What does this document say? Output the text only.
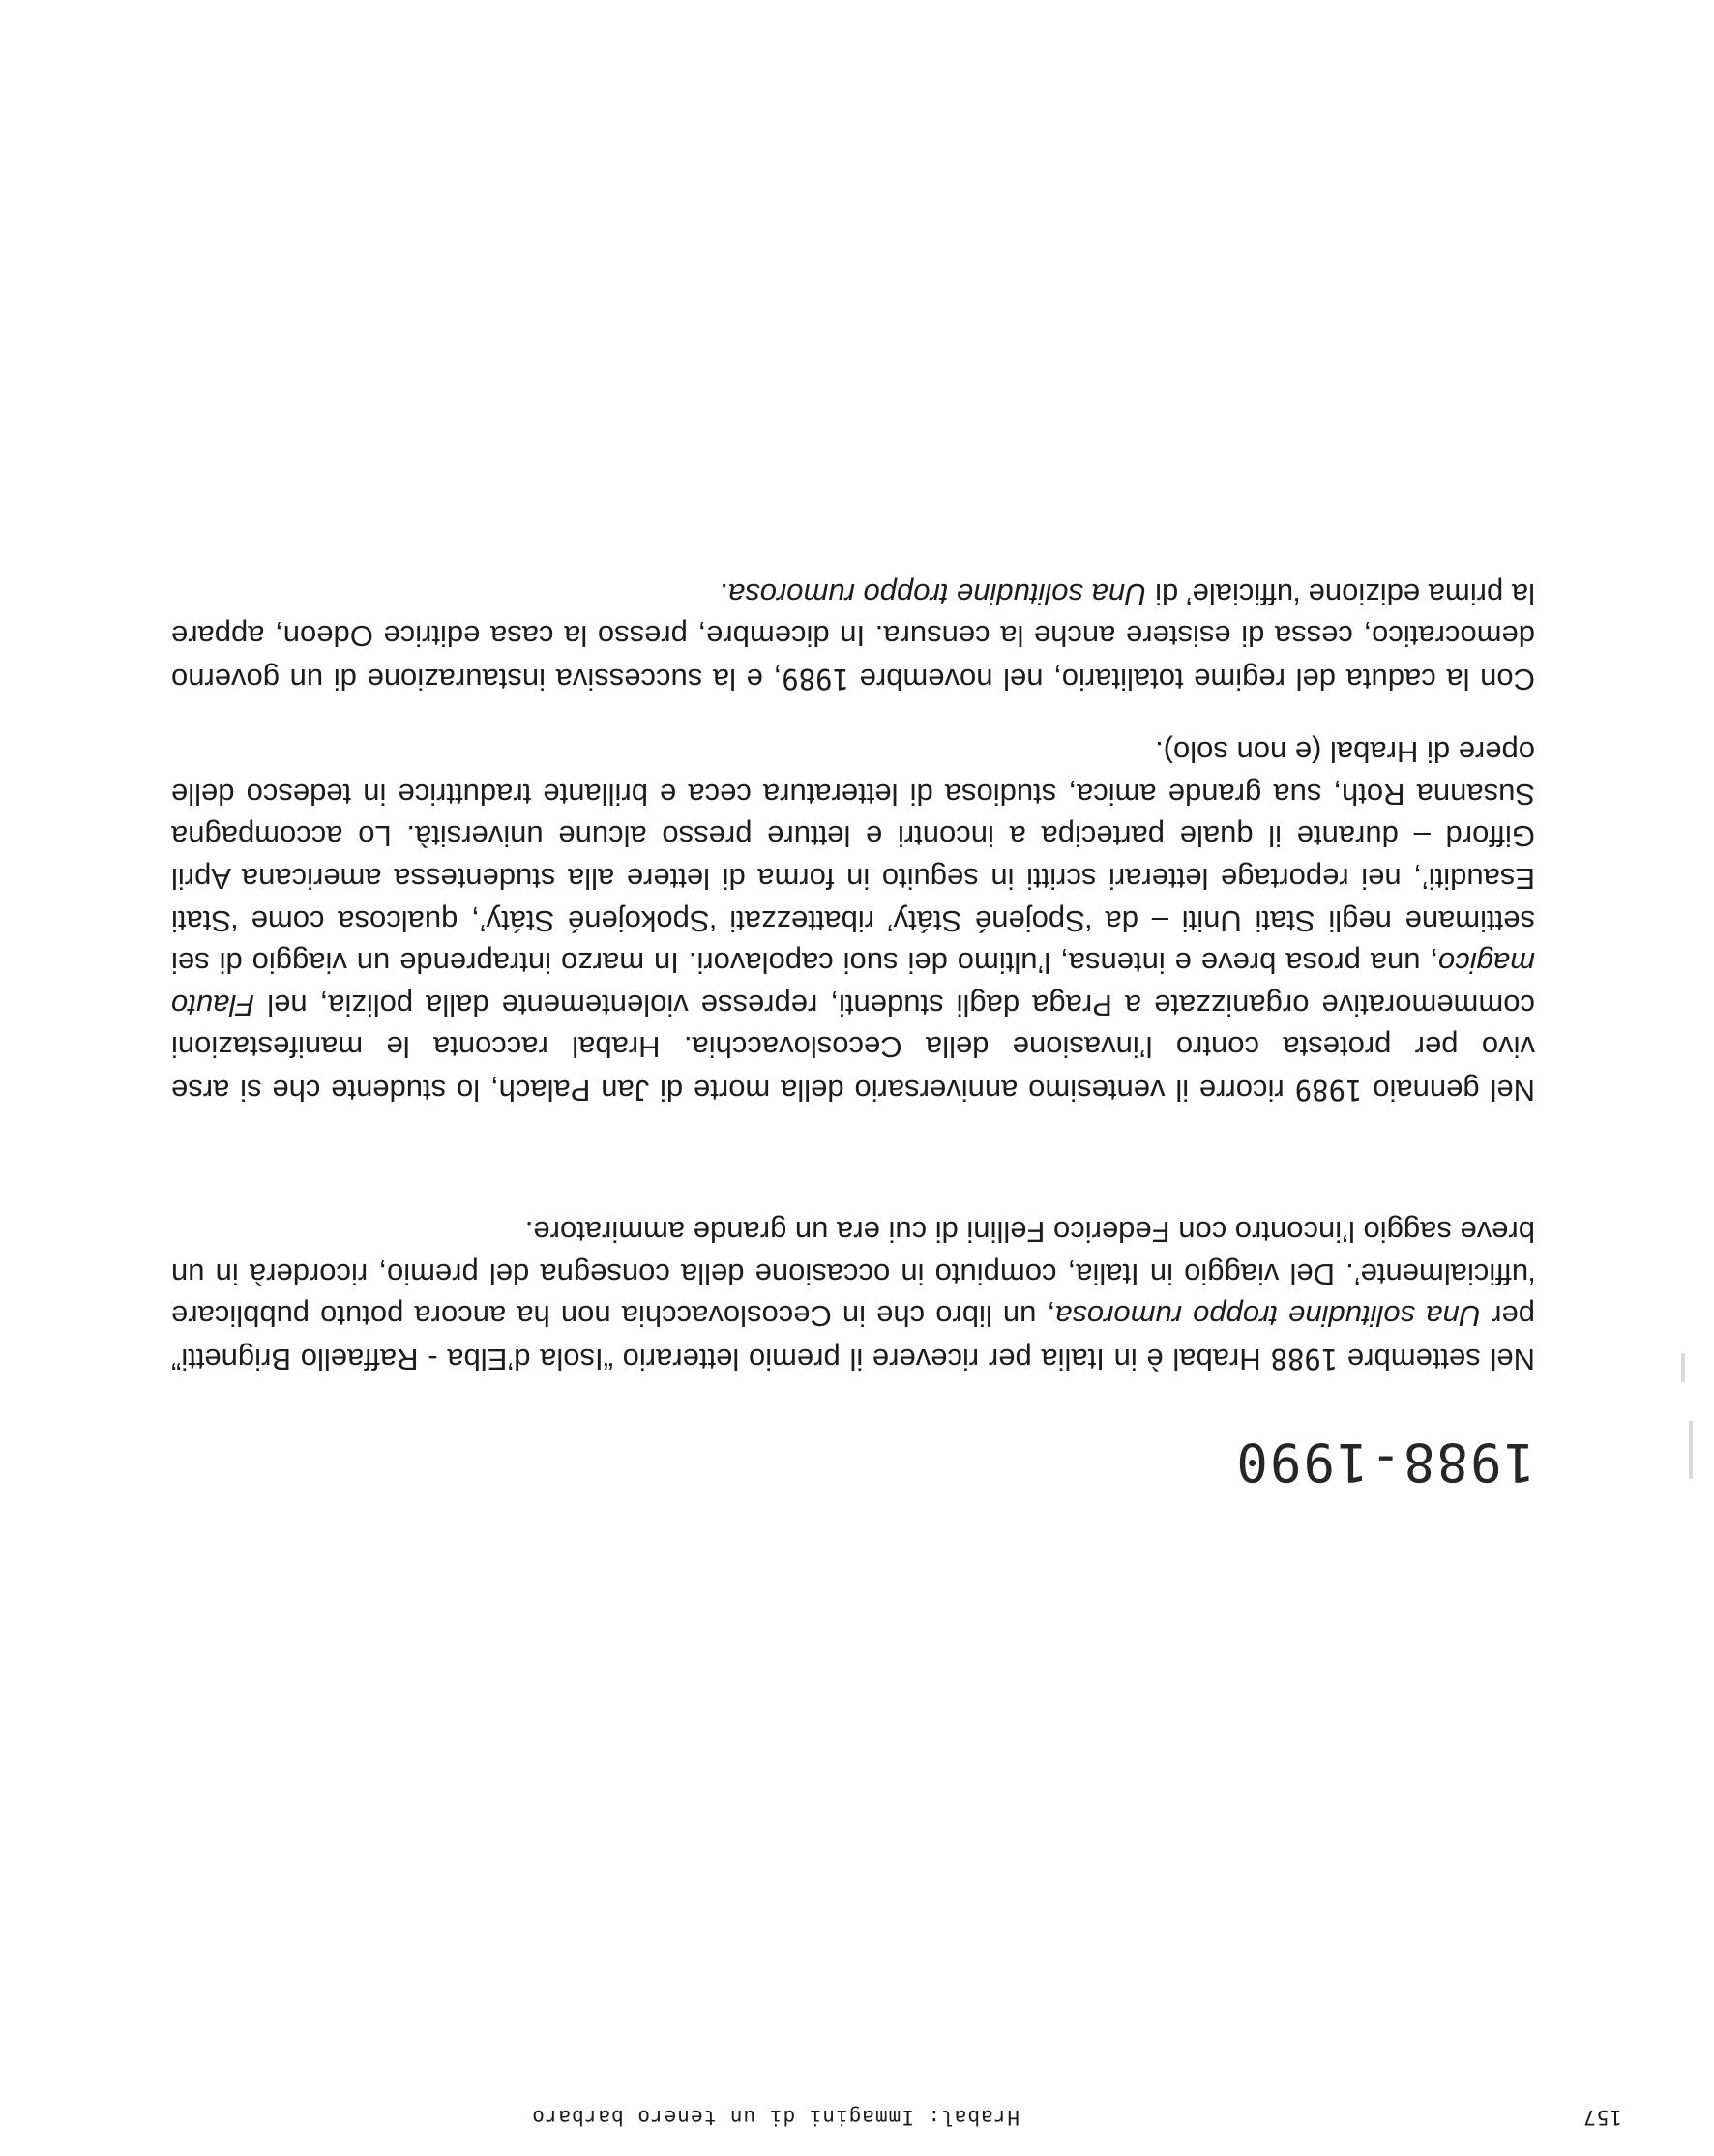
157
Hrabal: Immagini di un tenero barbaro
1988-1990

Nel settembre 1988 Hrabal è in Italia per ricevere il premio letterario “Isola d’Elba - Raffaello Brignetti” per Una solitudine troppo rumorosa, un libro che in Cecoslovacchia non ha ancora potuto pubblicare ‘ufficialmente’. Del viaggio in Italia, compiuto in occasione della consegna del premio, ricorderà in un breve saggio l’incontro con Federico Fellini di cui era un grande ammiratore.

Nel gennaio 1989 ricorre il ventesimo anniversario della morte di Jan Palach, lo studente che si arse vivo per protesta contro l’invasione della Cecoslovacchia. Hrabal racconta le manifestazioni commemorative organizzate a Praga dagli studenti, represse violentemente dalla polizia, nel Flauto magico, una prosa breve e intensa, l’ultimo dei suoi capolavori. In marzo intraprende un viaggio di sei settimane negli Stati Uniti – da ‘Spojené Státy’ ribattezzati ‘Spokojené Státy’, qualcosa come ‘Stati Esauditi’, nei reportage letterari scritti in seguito in forma di lettere alla studentessa americana April Gifford – durante il quale partecipa a incontri e letture presso alcune università. Lo accompagna Susanna Roth, sua grande amica, studiosa di letteratura ceca e brillante traduttrice in tedesco delle opere di Hrabal (e non solo).

Con la caduta del regime totalitario, nel novembre 1989, e la successiva instaurazione di un governo democratico, cessa di esistere anche la censura. In dicembre, presso la casa editrice Odeon, appare la prima edizione ‘ufficiale’ di Una solitudine troppo rumorosa.
